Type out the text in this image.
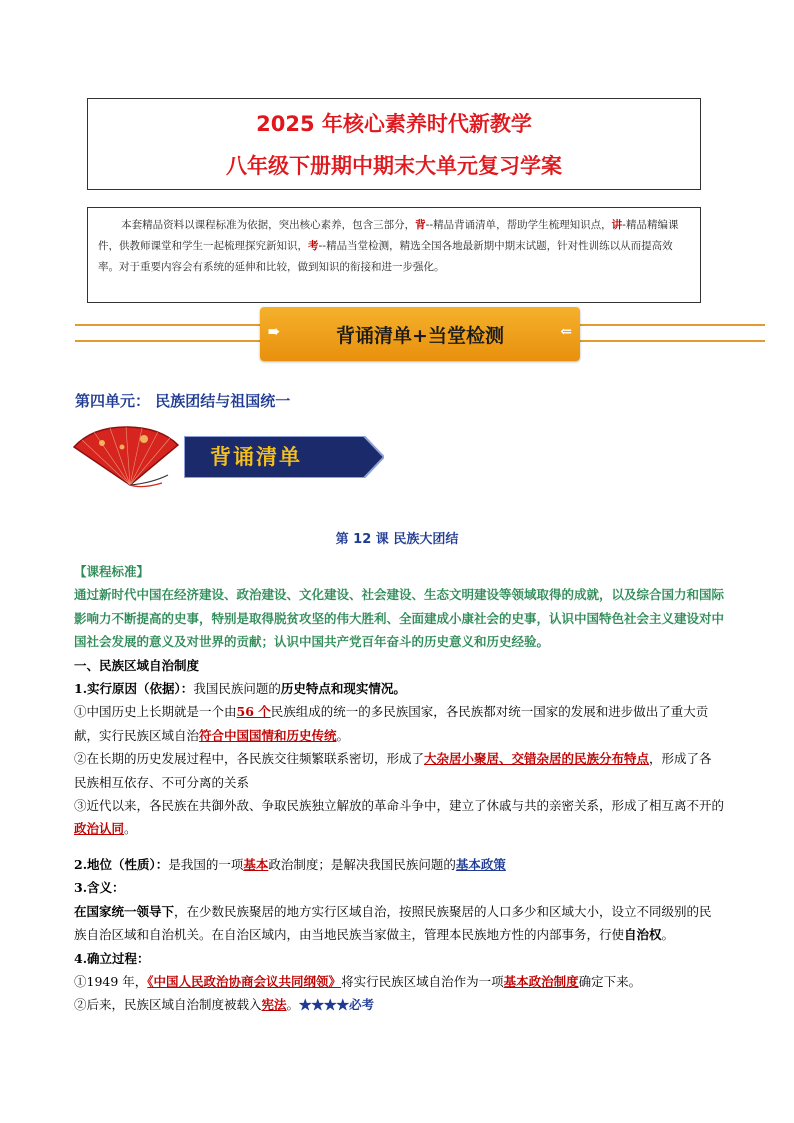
2025 年核心素养时代新教学
八年级下册期中期末大单元复习学案
本套精品资料以课程标准为依据，突出核心素养，包含三部分，背--精品背诵清单，帮助学生梳理知识点，讲-精品精编课件，供教师课堂和学生一起梳理探究新知识，考--精品当堂检测，精选全国各地最新期中期末试题，针对性训练以从而提高效率。对于重要内容会有系统的延伸和比较，做到知识的衔接和进一步强化。
➠	背诵清单+当堂检测	⇐
第四单元： 民族团结与祖国统一
背诵清单
第 12 课 民族大团结

【课程标准】

通过新时代中国在经济建设、政治建设、文化建设、社会建设、生态文明建设等领域取得的成就，以及综合国力和国际影响力不断提高的史事，特别是取得脱贫攻坚的伟大胜利、全面建成小康社会的史事，认识中国特色社会主义建设对中国社会发展的意义及对世界的贡献；认识中国共产党百年奋斗的历史意义和历史经验。

一、民族区域自治制度

1.实行原因（依据）：我国民族问题的历史特点和现实情况。

①中国历史上长期就是一个由56 个民族组成的统一的多民族国家，各民族都对统一国家的发展和进步做出了重大贡献，实行民族区域自治符合中国国情和历史传统。

②在长期的历史发展过程中，各民族交往频繁联系密切，形成了大杂居小聚居、交错杂居的民族分布特点，形成了各民族相互依存、不可分离的关系

③近代以来，各民族在共御外敌、争取民族独立解放的革命斗争中，建立了休戚与共的亲密关系，形成了相互离不开的政治认同。

2.地位（性质）：是我国的一项基本政治制度；是解决我国民族问题的基本政策

3.含义：

在国家统一领导下，在少数民族聚居的地方实行区域自治，按照民族聚居的人口多少和区域大小，设立不同级别的民族自治区域和自治机关。在自治区域内，由当地民族当家做主，管理本民族地方性的内部事务，行使自治权。

4.确立过程：

①1949 年，《中国人民政治协商会议共同纲领》将实行民族区域自治作为一项基本政治制度确定下来。

②后来，民族区域自治制度被载入宪法。★★★★必考
